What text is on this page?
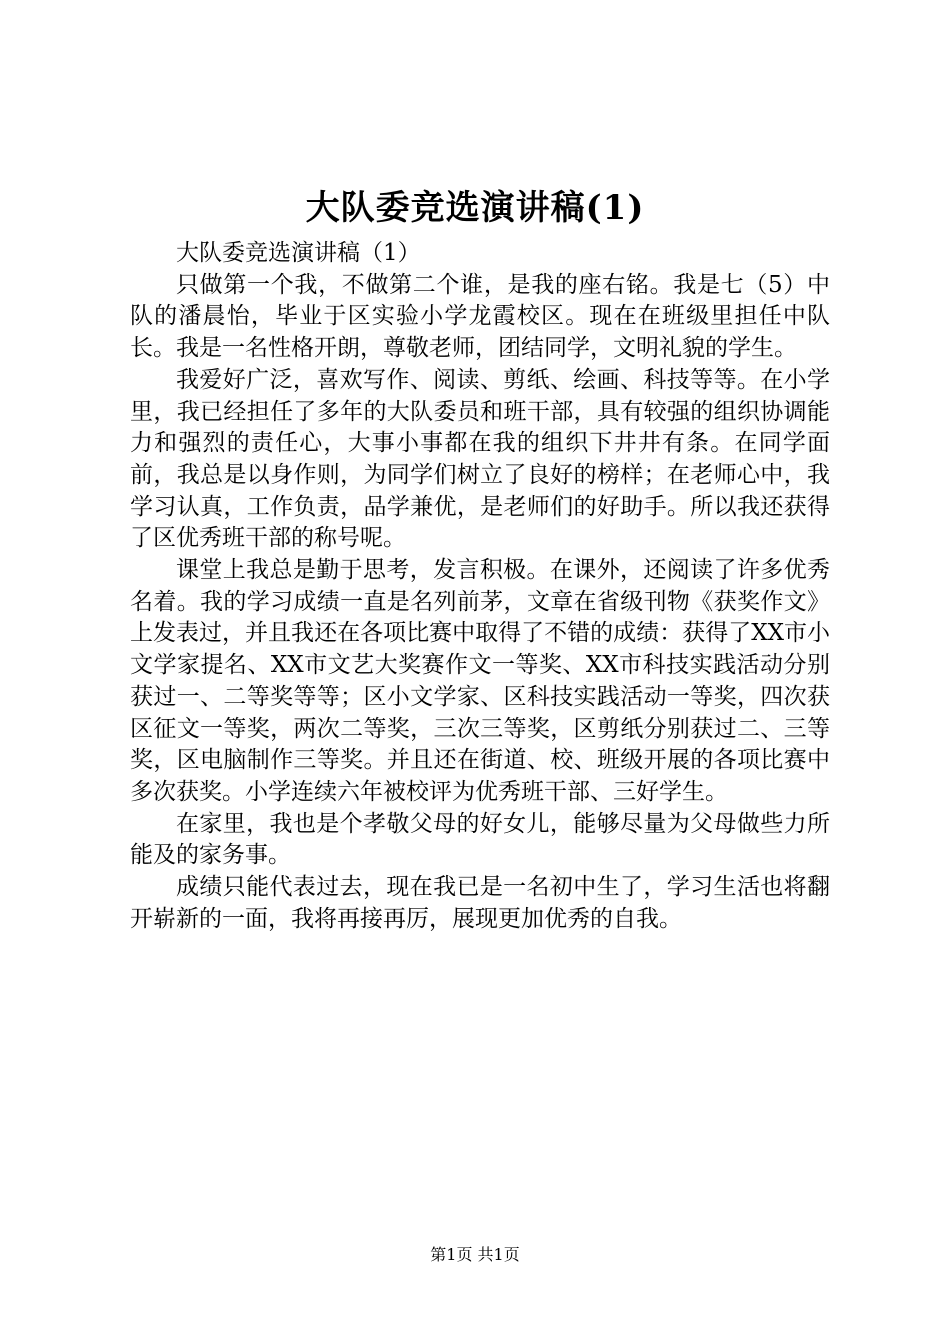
大队委竞选演讲稿(1)

大队委竞选演讲稿（1）

只做第一个我，不做第二个谁，是我的座右铭。我是七（5）中队的潘晨怡，毕业于区实验小学龙霞校区。现在在班级里担任中队长。我是一名性格开朗，尊敬老师，团结同学，文明礼貌的学生。

我爱好广泛，喜欢写作、阅读、剪纸、绘画、科技等等。在小学里，我已经担任了多年的大队委员和班干部，具有较强的组织协调能力和强烈的责任心，大事小事都在我的组织下井井有条。在同学面前，我总是以身作则，为同学们树立了良好的榜样；在老师心中，我学习认真，工作负责，品学兼优，是老师们的好助手。所以我还获得了区优秀班干部的称号呢。

课堂上我总是勤于思考，发言积极。在课外，还阅读了许多优秀名着。我的学习成绩一直是名列前茅，文章在省级刊物《获奖作文》上发表过，并且我还在各项比赛中取得了不错的成绩：获得了XX市小文学家提名、XX市文艺大奖赛作文一等奖、XX市科技实践活动分别获过一、二等奖等等；区小文学家、区科技实践活动一等奖，四次获区征文一等奖，两次二等奖，三次三等奖，区剪纸分别获过二、三等奖，区电脑制作三等奖。并且还在街道、校、班级开展的各项比赛中多次获奖。小学连续六年被校评为优秀班干部、三好学生。

在家里，我也是个孝敬父母的好女儿，能够尽量为父母做些力所能及的家务事。

成绩只能代表过去，现在我已是一名初中生了，学习生活也将翻开崭新的一面，我将再接再厉，展现更加优秀的自我。

第1页 共1页
